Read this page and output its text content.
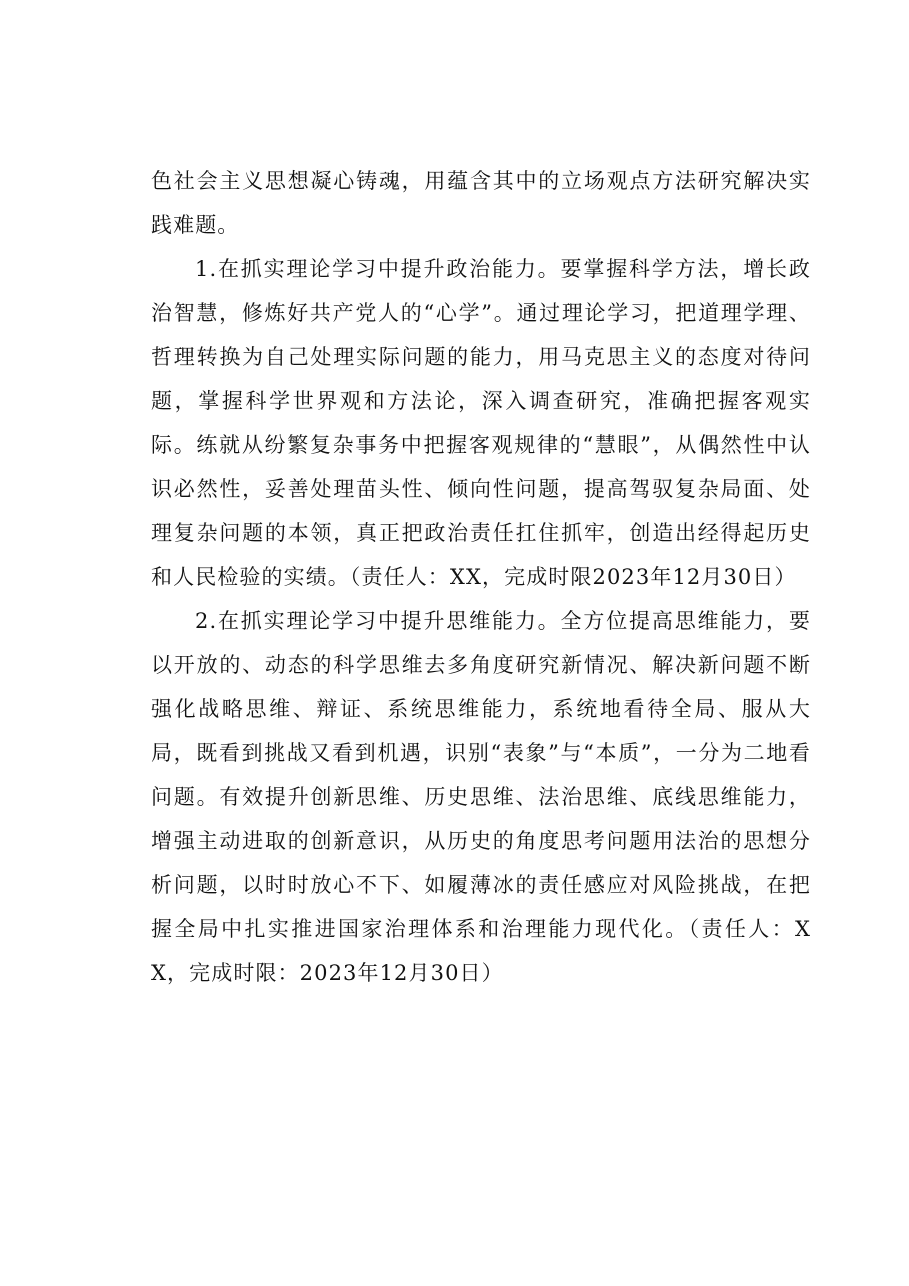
色社会主义思想凝心铸魂，用蕴含其中的立场观点方法研究解决实践难题。

1.在抓实理论学习中提升政治能力。要掌握科学方法，增长政治智慧，修炼好共产党人的“心学”。通过理论学习，把道理学理、哲理转换为自己处理实际问题的能力，用马克思主义的态度对待问题，掌握科学世界观和方法论，深入调查研究，准确把握客观实际。练就从纷繁复杂事务中把握客观规律的“慧眼”，从偶然性中认识必然性，妥善处理苗头性、倾向性问题，提高驾驭复杂局面、处理复杂问题的本领，真正把政治责任扛住抓牢，创造出经得起历史和人民检验的实绩。（责任人：XX，完成时限2023年12月30日）

2.在抓实理论学习中提升思维能力。全方位提高思维能力，要以开放的、动态的科学思维去多角度研究新情况、解决新问题不断强化战略思维、辩证、系统思维能力，系统地看待全局、服从大局，既看到挑战又看到机遇，识别“表象”与“本质”，一分为二地看问题。有效提升创新思维、历史思维、法治思维、底线思维能力，增强主动进取的创新意识，从历史的角度思考问题用法治的思想分析问题，以时时放心不下、如履薄冰的责任感应对风险挑战，在把握全局中扎实推进国家治理体系和治理能力现代化。（责任人：XX，完成时限：2023年12月30日）
